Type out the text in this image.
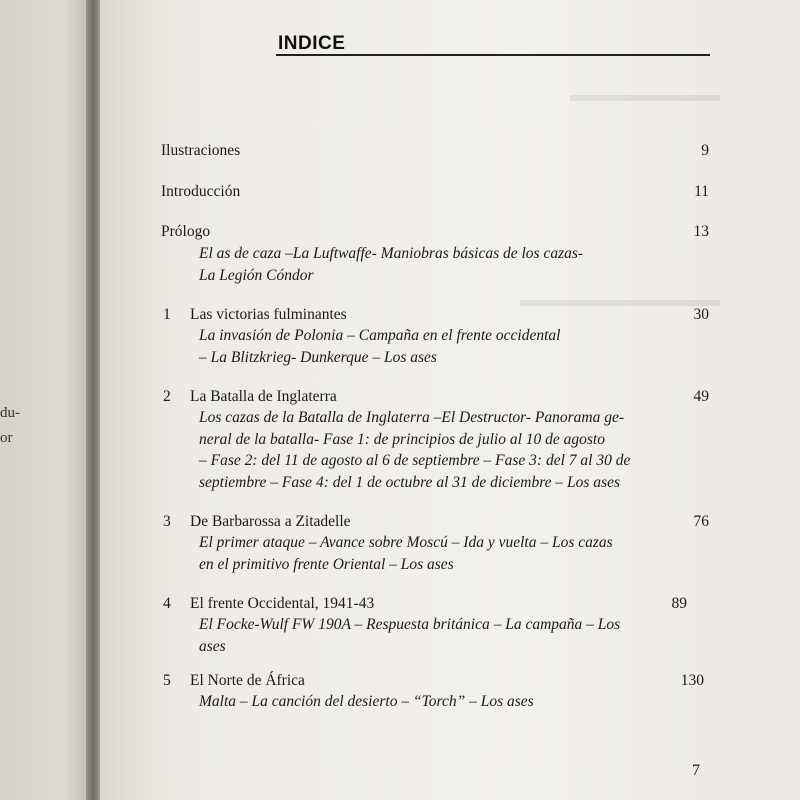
du-
or
INDICE
Ilustraciones	9
Introducción	11
Prólogo	13
El as de caza –La Luftwaffe- Maniobras básicas de los cazas-
La Legión Cóndor
1 Las victorias fulminantes	30
La invasión de Polonia – Campaña en el frente occidental
– La Blitzkrieg- Dunkerque – Los ases
2 La Batalla de Inglaterra	49
Los cazas de la Batalla de Inglaterra –El Destructor- Panorama ge-
neral de la batalla- Fase 1: de principios de julio al 10 de agosto
– Fase 2: del 11 de agosto al 6 de septiembre – Fase 3: del 7 al 30 de
septiembre – Fase 4: del 1 de octubre al 31 de diciembre – Los ases
3 De Barbarossa a Zitadelle	76
El primer ataque – Avance sobre Moscú – Ida y vuelta – Los cazas
en el primitivo frente Oriental – Los ases
4 El frente Occidental, 1941-43	89
El Focke-Wulf FW 190A – Respuesta británica – La campaña – Los
ases
5 El Norte de África	130
Malta – La canción del desierto – “Torch” – Los ases
7
